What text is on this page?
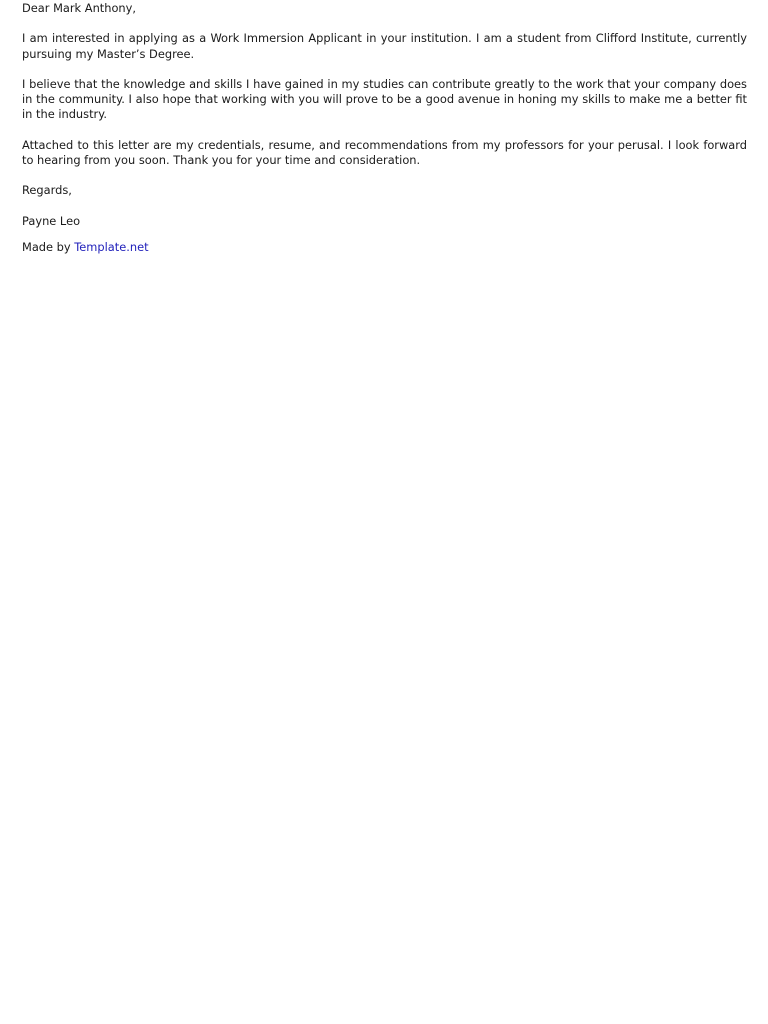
Dear Mark Anthony,

I am interested in applying as a Work Immersion Applicant in your institution. I am a student from Clifford Institute, currently pursuing my Master’s Degree.

I believe that the knowledge and skills I have gained in my studies can contribute greatly to the work that your company does in the community. I also hope that working with you will prove to be a good avenue in honing my skills to make me a better fit in the industry.

Attached to this letter are my credentials, resume, and recommendations from my professors for your perusal. I look forward to hearing from you soon. Thank you for your time and consideration.

Regards,

Payne Leo

Made by Template.net
